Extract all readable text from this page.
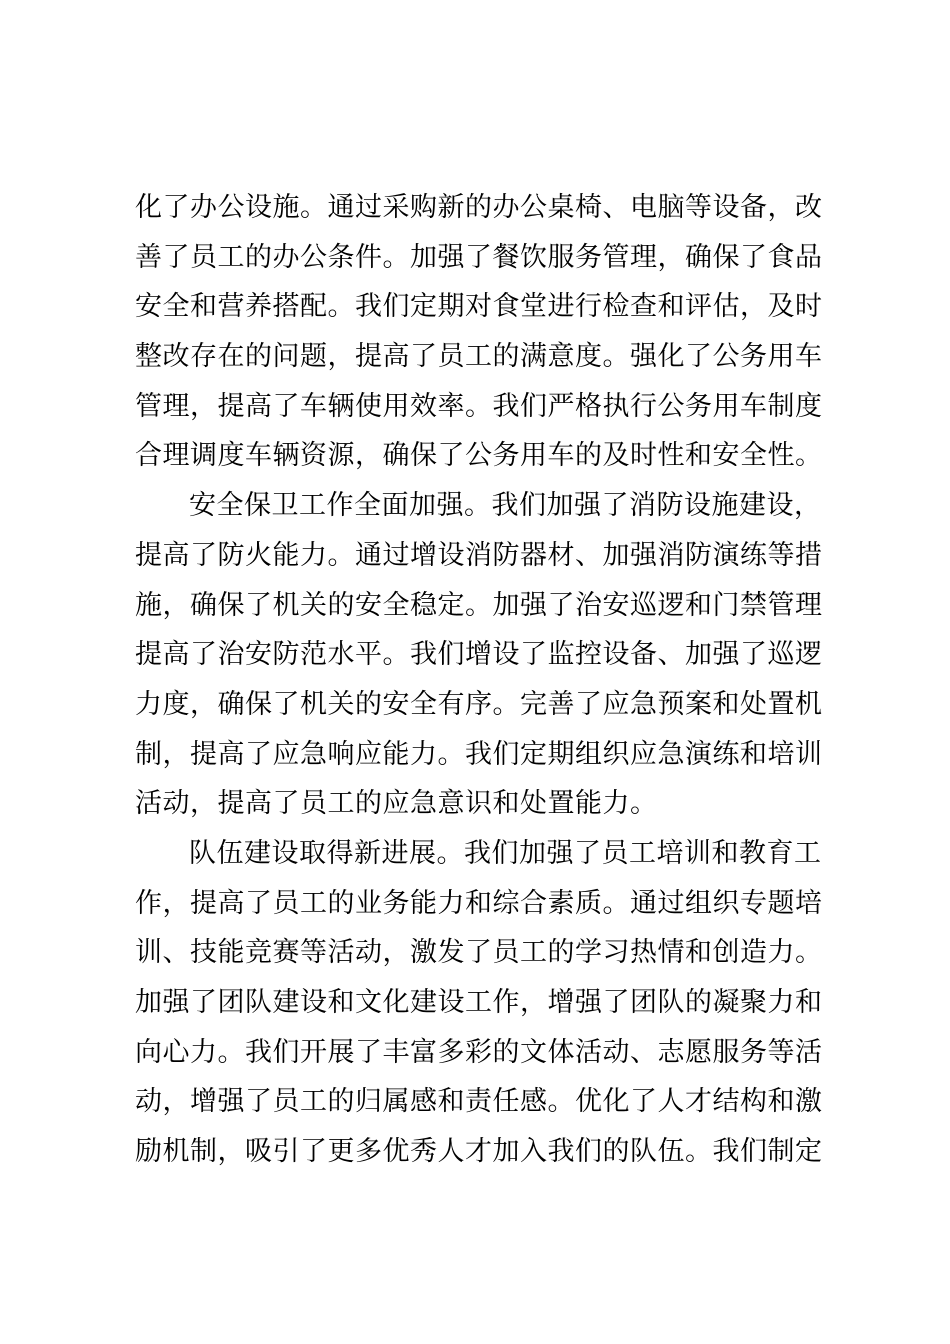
化了办公设施。通过采购新的办公桌椅、电脑等设备，改
善了员工的办公条件。加强了餐饮服务管理，确保了食品
安全和营养搭配。我们定期对食堂进行检查和评估，及时
整改存在的问题，提高了员工的满意度。强化了公务用车
管理，提高了车辆使用效率。我们严格执行公务用车制度
合理调度车辆资源，确保了公务用车的及时性和安全性。
安全保卫工作全面加强。我们加强了消防设施建设，
提高了防火能力。通过增设消防器材、加强消防演练等措
施，确保了机关的安全稳定。加强了治安巡逻和门禁管理
提高了治安防范水平。我们增设了监控设备、加强了巡逻
力度，确保了机关的安全有序。完善了应急预案和处置机
制，提高了应急响应能力。我们定期组织应急演练和培训
活动，提高了员工的应急意识和处置能力。
队伍建设取得新进展。我们加强了员工培训和教育工
作，提高了员工的业务能力和综合素质。通过组织专题培
训、技能竞赛等活动，激发了员工的学习热情和创造力。
加强了团队建设和文化建设工作，增强了团队的凝聚力和
向心力。我们开展了丰富多彩的文体活动、志愿服务等活
动，增强了员工的归属感和责任感。优化了人才结构和激
励机制，吸引了更多优秀人才加入我们的队伍。我们制定
